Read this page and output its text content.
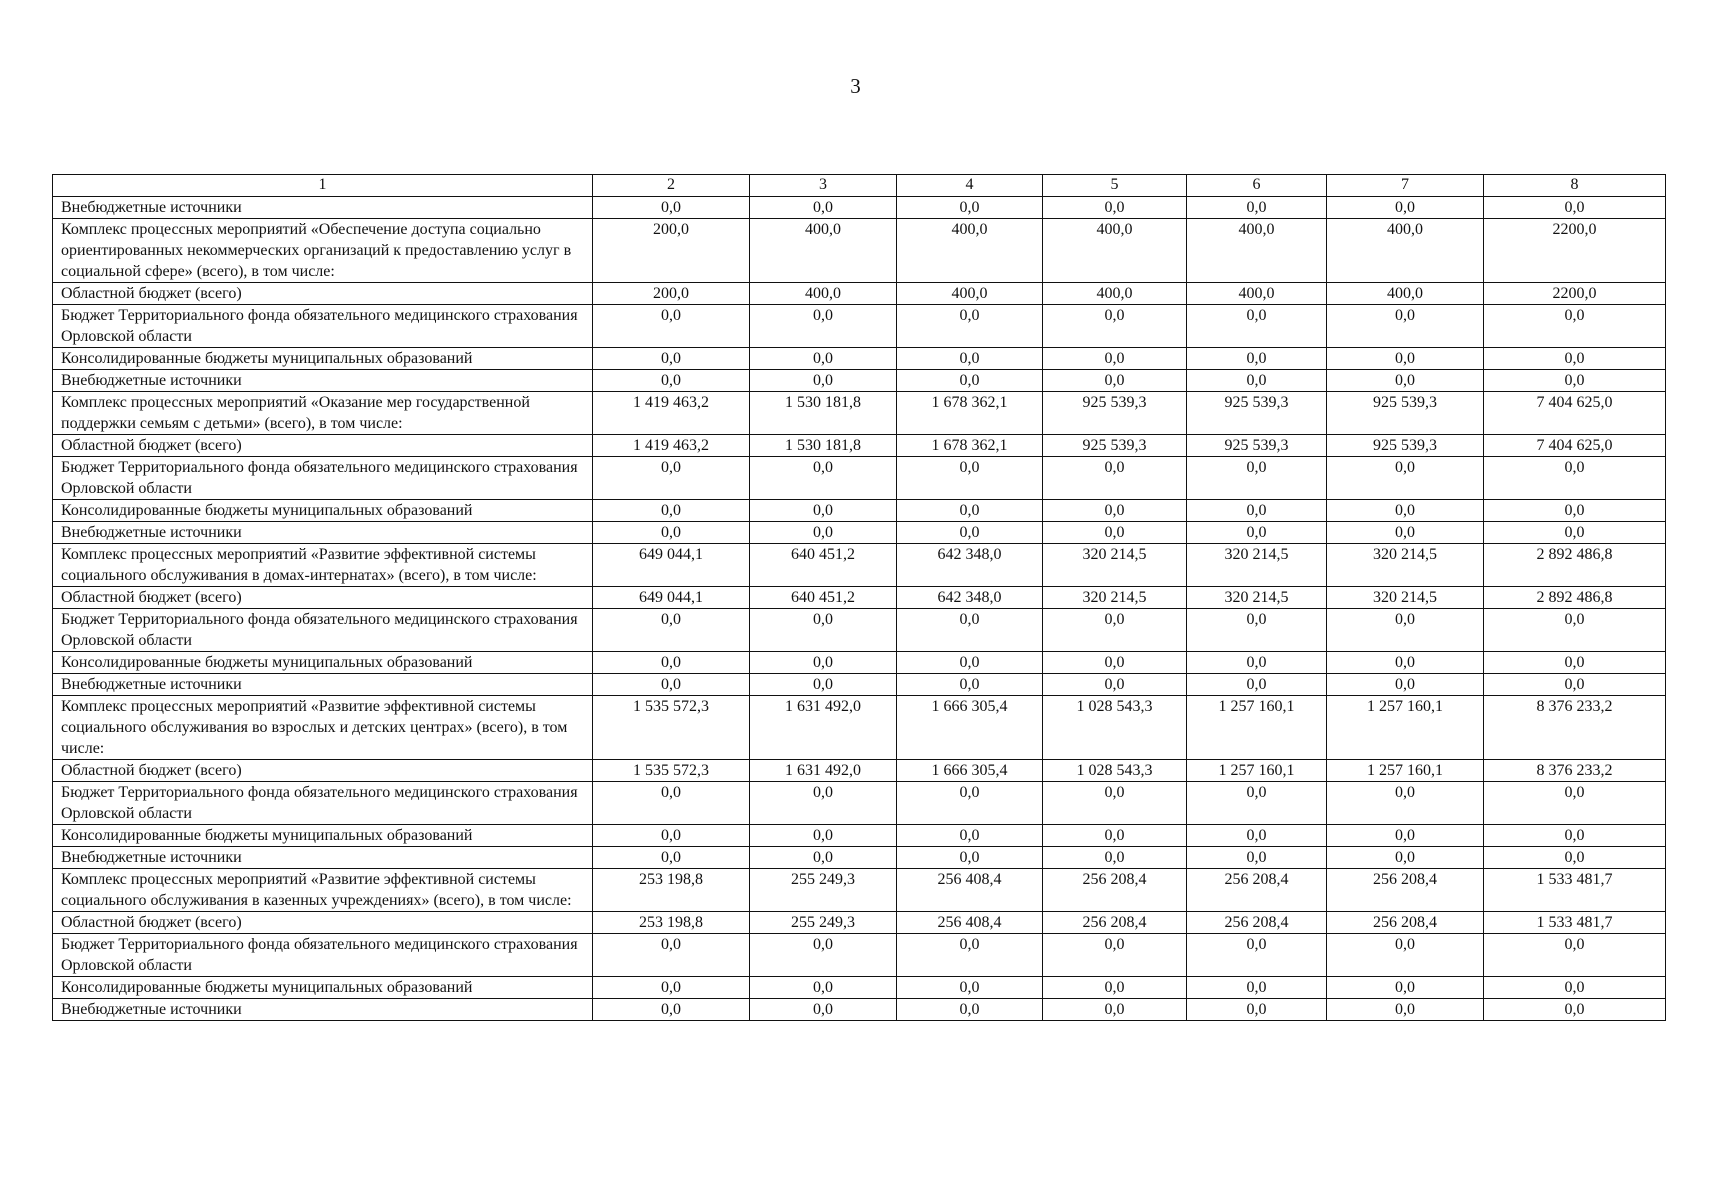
3
1	2	3	4	5	6	7	8
Внебюджетные источники	0,0	0,0	0,0	0,0	0,0	0,0	0,0
Комплекс процессных мероприятий «Обеспечение доступа социально ориентированных некоммерческих организаций к предоставлению услуг в социальной сфере» (всего), в том числе:	200,0	400,0	400,0	400,0	400,0	400,0	2200,0
Областной бюджет (всего)	200,0	400,0	400,0	400,0	400,0	400,0	2200,0
Бюджет Территориального фонда обязательного медицинского страхования Орловской области	0,0	0,0	0,0	0,0	0,0	0,0	0,0
Консолидированные бюджеты муниципальных образований	0,0	0,0	0,0	0,0	0,0	0,0	0,0
Внебюджетные источники	0,0	0,0	0,0	0,0	0,0	0,0	0,0
Комплекс процессных мероприятий «Оказание мер государственной поддержки семьям с детьми» (всего), в том числе:	1 419 463,2	1 530 181,8	1 678 362,1	925 539,3	925 539,3	925 539,3	7 404 625,0
Областной бюджет (всего)	1 419 463,2	1 530 181,8	1 678 362,1	925 539,3	925 539,3	925 539,3	7 404 625,0
Бюджет Территориального фонда обязательного медицинского страхования Орловской области	0,0	0,0	0,0	0,0	0,0	0,0	0,0
Консолидированные бюджеты муниципальных образований	0,0	0,0	0,0	0,0	0,0	0,0	0,0
Внебюджетные источники	0,0	0,0	0,0	0,0	0,0	0,0	0,0
Комплекс процессных мероприятий «Развитие эффективной системы социального обслуживания в домах-интернатах» (всего), в том числе:	649 044,1	640 451,2	642 348,0	320 214,5	320 214,5	320 214,5	2 892 486,8
Областной бюджет (всего)	649 044,1	640 451,2	642 348,0	320 214,5	320 214,5	320 214,5	2 892 486,8
Бюджет Территориального фонда обязательного медицинского страхования Орловской области	0,0	0,0	0,0	0,0	0,0	0,0	0,0
Консолидированные бюджеты муниципальных образований	0,0	0,0	0,0	0,0	0,0	0,0	0,0
Внебюджетные источники	0,0	0,0	0,0	0,0	0,0	0,0	0,0
Комплекс процессных мероприятий «Развитие эффективной системы социального обслуживания во взрослых и детских центрах» (всего), в том числе:	1 535 572,3	1 631 492,0	1 666 305,4	1 028 543,3	1 257 160,1	1 257 160,1	8 376 233,2
Областной бюджет (всего)	1 535 572,3	1 631 492,0	1 666 305,4	1 028 543,3	1 257 160,1	1 257 160,1	8 376 233,2
Бюджет Территориального фонда обязательного медицинского страхования Орловской области	0,0	0,0	0,0	0,0	0,0	0,0	0,0
Консолидированные бюджеты муниципальных образований	0,0	0,0	0,0	0,0	0,0	0,0	0,0
Внебюджетные источники	0,0	0,0	0,0	0,0	0,0	0,0	0,0
Комплекс процессных мероприятий «Развитие эффективной системы социального обслуживания в казенных учреждениях» (всего), в том числе:	253 198,8	255 249,3	256 408,4	256 208,4	256 208,4	256 208,4	1 533 481,7
Областной бюджет (всего)	253 198,8	255 249,3	256 408,4	256 208,4	256 208,4	256 208,4	1 533 481,7
Бюджет Территориального фонда обязательного медицинского страхования Орловской области	0,0	0,0	0,0	0,0	0,0	0,0	0,0
Консолидированные бюджеты муниципальных образований	0,0	0,0	0,0	0,0	0,0	0,0	0,0
Внебюджетные источники	0,0	0,0	0,0	0,0	0,0	0,0	0,0
